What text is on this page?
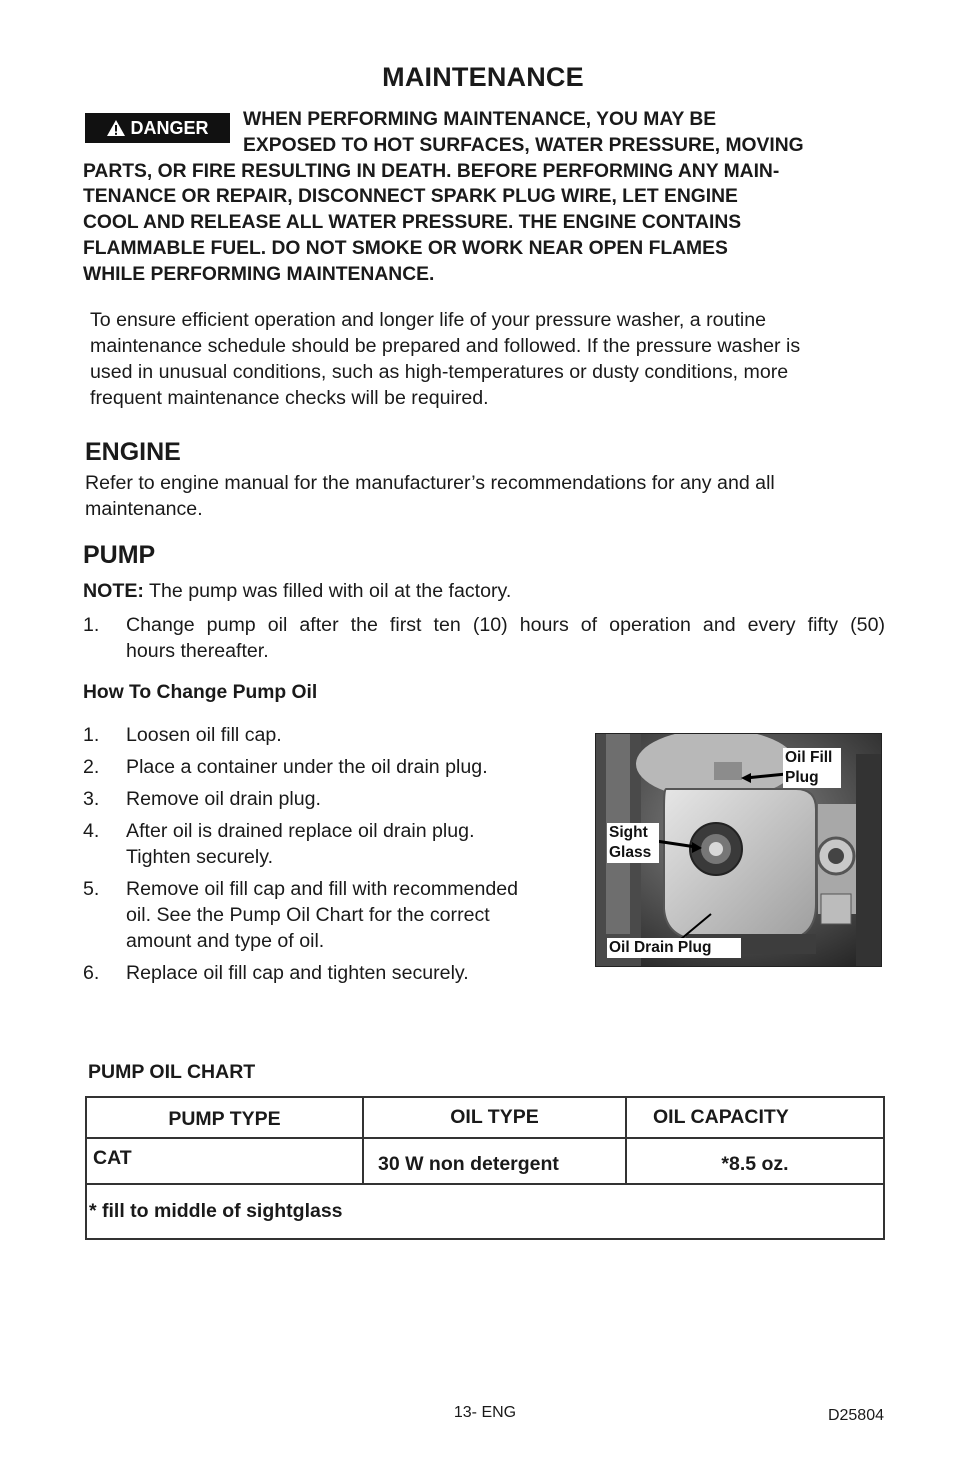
MAINTENANCE
DANGER	WHEN PERFORMING MAINTENANCE, YOU MAY BE
EXPOSED TO HOT SURFACES, WATER PRESSURE, MOVING
PARTS, OR FIRE RESULTING IN DEATH. BEFORE PERFORMING ANY MAIN-
TENANCE OR REPAIR, DISCONNECT SPARK PLUG WIRE, LET ENGINE
COOL AND RELEASE ALL WATER PRESSURE. THE ENGINE CONTAINS
FLAMMABLE FUEL. DO NOT SMOKE OR WORK NEAR OPEN FLAMES
WHILE PERFORMING MAINTENANCE.
To ensure efficient operation and longer life of your pressure washer, a routine
maintenance schedule should be prepared and followed. If the pressure washer is
used in unusual conditions, such as high-temperatures or dusty conditions, more
frequent maintenance checks will be required.
ENGINE
Refer to engine manual for the manufacturer’s recommendations for any and all
maintenance.
PUMP
NOTE: The pump was filled with oil at the factory.
1.	Change pump oil after the first ten (10) hours of operation and every fifty (50)
hours thereafter.
How To Change Pump Oil
1.	Loosen oil fill cap.
2.	Place a container under the oil drain plug.
3.	Remove oil drain plug.
4.	After oil is drained replace oil drain plug.
Tighten securely.
5.	Remove oil fill cap and fill with recommended
oil. See the Pump Oil Chart for the correct
amount and type of oil.
6.	Replace oil fill cap and tighten securely.
Oil Fill
Plug
Sight
Glass
Oil Drain Plug
PUMP OIL CHART
PUMP TYPE	OIL TYPE	OIL CAPACITY
CAT	30 W non detergent	*8.5 oz.
* fill to middle of sightglass		
13- ENG	D25804
